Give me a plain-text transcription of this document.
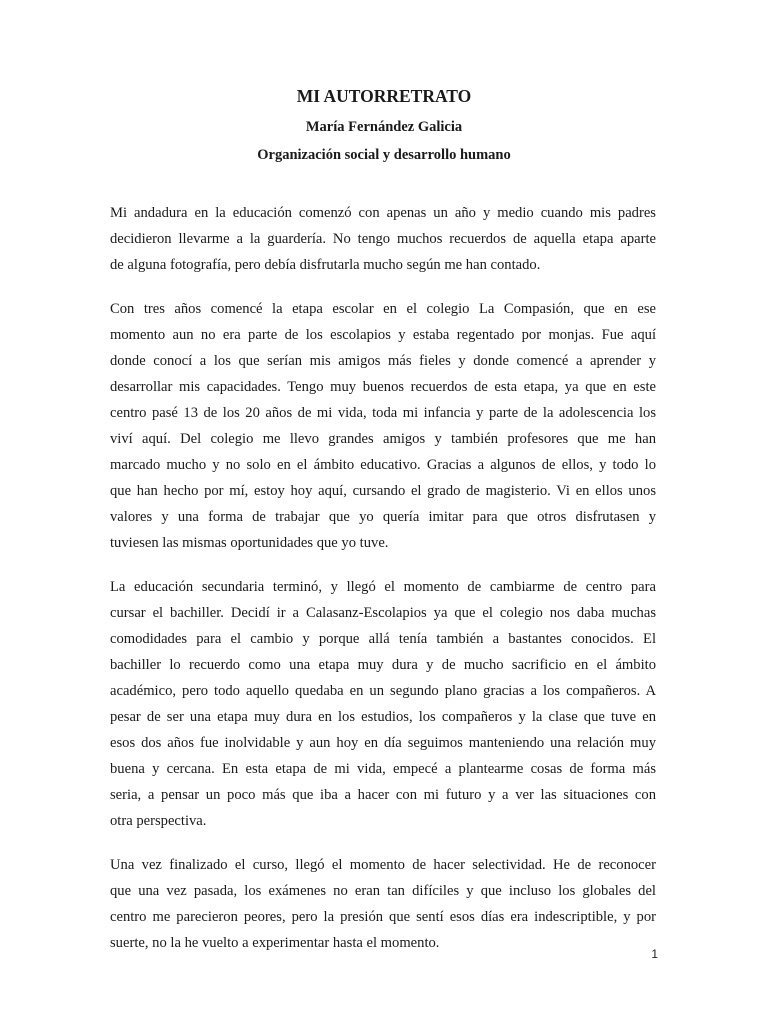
MI AUTORRETRATO
María Fernández Galicia
Organización social y desarrollo humano

Mi andadura en la educación comenzó con apenas un año y medio cuando mis padres
decidieron llevarme a la guardería. No tengo muchos recuerdos de aquella etapa aparte
de alguna fotografía, pero debía disfrutarla mucho según me han contado.

Con tres años comencé la etapa escolar en el colegio La Compasión, que en ese
momento aun no era parte de los escolapios y estaba regentado por monjas. Fue aquí
donde conocí a los que serían mis amigos más fieles y donde comencé a aprender y
desarrollar mis capacidades. Tengo muy buenos recuerdos de esta etapa, ya que en este
centro pasé 13 de los 20 años de mi vida, toda mi infancia y parte de la adolescencia los
viví aquí. Del colegio me llevo grandes amigos y también profesores que me han
marcado mucho y no solo en el ámbito educativo. Gracias a algunos de ellos, y todo lo
que han hecho por mí, estoy hoy aquí, cursando el grado de magisterio. Vi en ellos unos
valores y una forma de trabajar que yo quería imitar para que otros disfrutasen y
tuviesen las mismas oportunidades que yo tuve.

La educación secundaria terminó, y llegó el momento de cambiarme de centro para
cursar el bachiller. Decidí ir a Calasanz-Escolapios ya que el colegio nos daba muchas
comodidades para el cambio y porque allá tenía también a bastantes conocidos. El
bachiller lo recuerdo como una etapa muy dura y de mucho sacrificio en el ámbito
académico, pero todo aquello quedaba en un segundo plano gracias a los compañeros. A
pesar de ser una etapa muy dura en los estudios, los compañeros y la clase que tuve en
esos dos años fue inolvidable y aun hoy en día seguimos manteniendo una relación muy
buena y cercana. En esta etapa de mi vida, empecé a plantearme cosas de forma más
seria, a pensar un poco más que iba a hacer con mi futuro y a ver las situaciones con
otra perspectiva.

Una vez finalizado el curso, llegó el momento de hacer selectividad. He de reconocer
que una vez pasada, los exámenes no eran tan difíciles y que incluso los globales del
centro me parecieron peores, pero la presión que sentí esos días era indescriptible, y por
suerte, no la he vuelto a experimentar hasta el momento.

1
